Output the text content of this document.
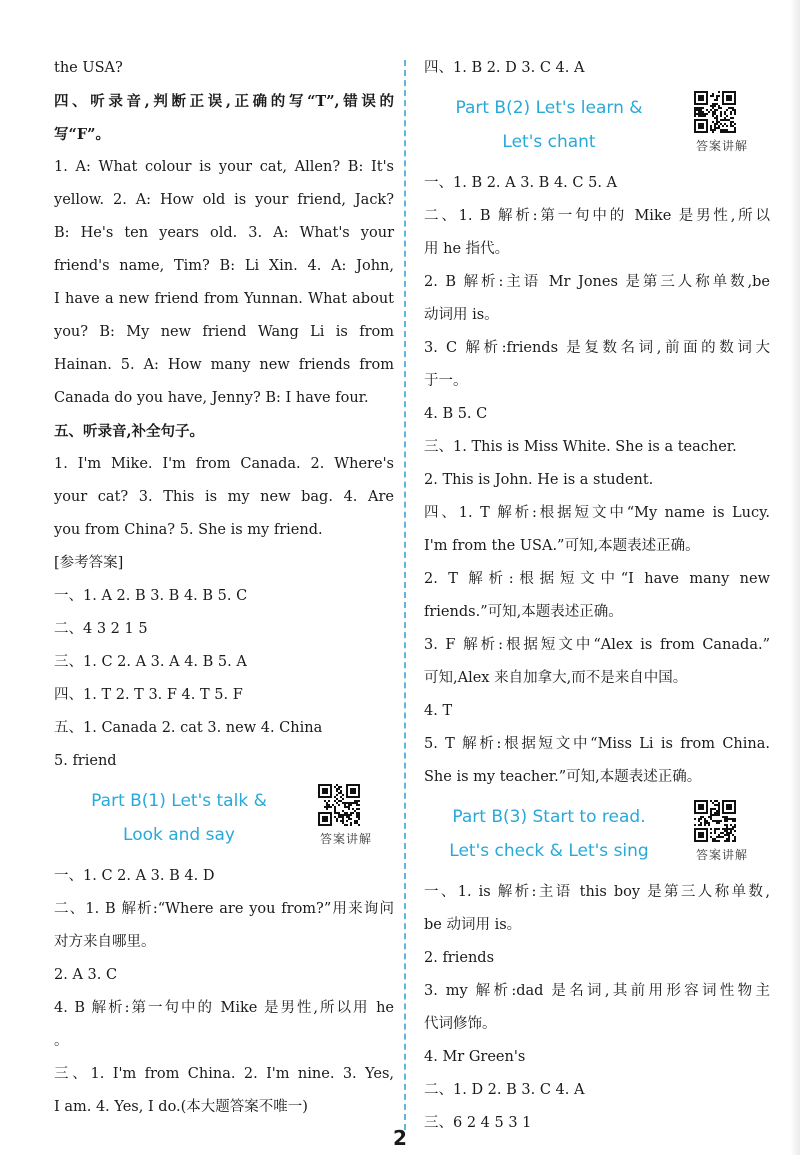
the USA?
四、听录音,判断正误,正确的写“T”,错误的
写“F”。
1. A: What colour is your cat, Allen? B: It's
yellow. 2. A: How old is your friend, Jack?
B: He's ten years old. 3. A: What's your
friend's name, Tim? B: Li Xin. 4. A: John,
I have a new friend from Yunnan. What about
you? B: My new friend Wang Li is from
Hainan. 5. A: How many new friends from
Canada do you have, Jenny? B: I have four.
五、听录音,补全句子。
1. I'm Mike. I'm from Canada. 2. Where's
your cat? 3. This is my new bag. 4. Are
you from China? 5. She is my friend.
[参考答案]
一、1. A 2. B 3. B 4. B 5. C
二、4 3 2 1 5
三、1. C 2. A 3. A 4. B 5. A
四、1. T 2. T 3. F 4. T 5. F
五、1. Canada 2. cat 3. new 4. China
5. friend
Part B(1) Let's talk &
Look and say	答案讲解
一、1. C 2. A 3. B 4. D
二、1. B 解析:“Where are you from?”用来询问
对方来自哪里。
2. A 3. C
4. B 解析:第一句中的 Mike 是男性,所以用 he
。
三、1. I'm from China. 2. I'm nine. 3. Yes,
I am. 4. Yes, I do.(本大题答案不唯一)
四、1. B 2. D 3. C 4. A
Part B(2) Let's learn &
Let's chant	答案讲解
一、1. B 2. A 3. B 4. C 5. A
二、1. B 解析:第一句中的 Mike 是男性,所以
用 he 指代。
2. B 解析:主语 Mr Jones 是第三人称单数,be
动词用 is。
3. C 解析:friends 是复数名词,前面的数词大
于一。
4. B 5. C
三、1. This is Miss White. She is a teacher.
2. This is John. He is a student.
四、1. T 解析:根据短文中“My name is Lucy.
I'm from the USA.”可知,本题表述正确。
2. T 解析:根据短文中“I have many new
friends.”可知,本题表述正确。
3. F 解析:根据短文中“Alex is from Canada.”
可知,Alex 来自加拿大,而不是来自中国。
4. T
5. T 解析:根据短文中“Miss Li is from China.
She is my teacher.”可知,本题表述正确。
Part B(3) Start to read.
Let's check & Let's sing	答案讲解
一、1. is 解析:主语 this boy 是第三人称单数,
be 动词用 is。
2. friends
3. my 解析:dad 是名词,其前用形容词性物主
代词修饰。
4. Mr Green's
二、1. D 2. B 3. C 4. A
三、6 2 4 5 3 1
2
